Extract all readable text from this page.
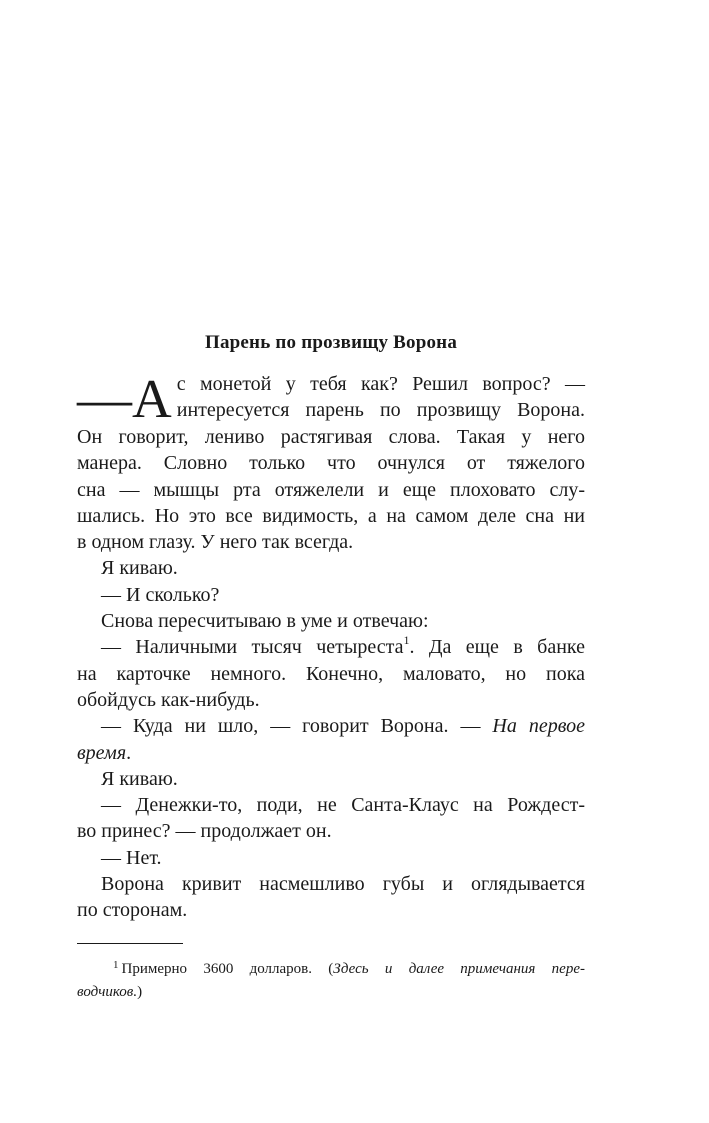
Парень по прозвищу Ворона
—А с монетой у тебя как? Решил вопрос? —
интересуется парень по прозвищу Ворона.
Он говорит, лениво растягивая слова. Такая у него
манера. Словно только что очнулся от тяжелого
сна — мышцы рта отяжелели и еще плоховато слу-
шались. Но это все видимость, а на самом деле сна ни
в одном глазу. У него так всегда.
Я киваю.
— И сколько?
Снова пересчитываю в уме и отвечаю:
— Наличными тысяч четыреста$^1$. Да еще в банке
на карточке немного. Конечно, маловато, но пока
обойдусь как-нибудь.
— Куда ни шло, — говорит Ворона. — На первое
время.
Я киваю.
— Денежки-то, поди, не Санта-Клаус на Рождест-
во принес? — продолжает он.
— Нет.
Ворона кривит насмешливо губы и оглядывается
по сторонам.
$^1$ Примерно 3600 долларов. (Здесь и далее примечания пере-
водчиков.)
